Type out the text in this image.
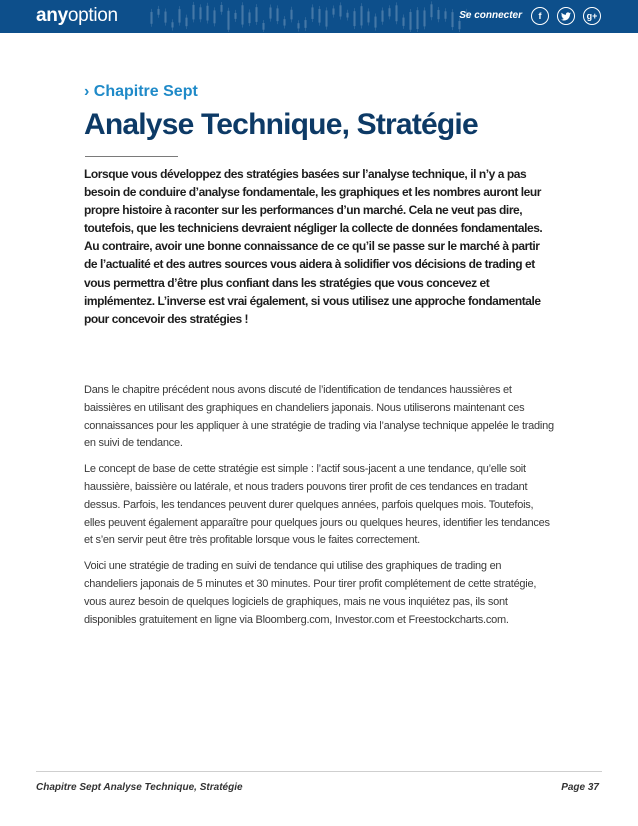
anyoption	Se connecter	f	g+
› Chapitre Sept
Analyse Technique, Stratégie

Lorsque vous développez des stratégies basées sur l’analyse technique, il n’y a pas besoin de conduire d’analyse fondamentale, les graphiques et les nombres auront leur propre histoire à raconter sur les performances d’un marché. Cela ne veut pas dire, toutefois, que les techniciens devraient négliger la collecte de données fondamentales. Au contraire, avoir une bonne connaissance de ce qu’il se passe sur le marché à partir de l’actualité et des autres sources vous aidera à solidifier vos décisions de trading et vous permettra d’être plus confiant dans les stratégies que vous concevez et implémentez. L’inverse est vrai également, si vous utilisez une approche fondamentale pour concevoir des stratégies !

Dans le chapitre précédent nous avons discuté de l’identification de tendances haussières et baissières en utilisant des graphiques en chandeliers japonais. Nous utiliserons maintenant ces connaissances pour les appliquer à une stratégie de trading via l’analyse technique appelée le trading en suivi de tendance.

Le concept de base de cette stratégie est simple : l’actif sous-jacent a une tendance, qu’elle soit haussière, baissière ou latérale, et nous traders pouvons tirer profit de ces tendances en tradant dessus. Parfois, les tendances peuvent durer quelques années, parfois quelques mois. Toutefois, elles peuvent également apparaître pour quelques jours ou quelques heures, identifier les tendances et s’en servir peut être très profitable lorsque vous le faites correctement.

Voici une stratégie de trading en suivi de tendance qui utilise des graphiques de trading en chandeliers japonais de 5 minutes et 30 minutes. Pour tirer profit complétement de cette stratégie, vous aurez besoin de quelques logiciels de graphiques, mais ne vous inquiétez pas, ils sont disponibles gratuitement en ligne via Bloomberg.com, Investor.com et Freestockcharts.com.

Chapitre Sept Analyse Technique, Stratégie	Page 37
